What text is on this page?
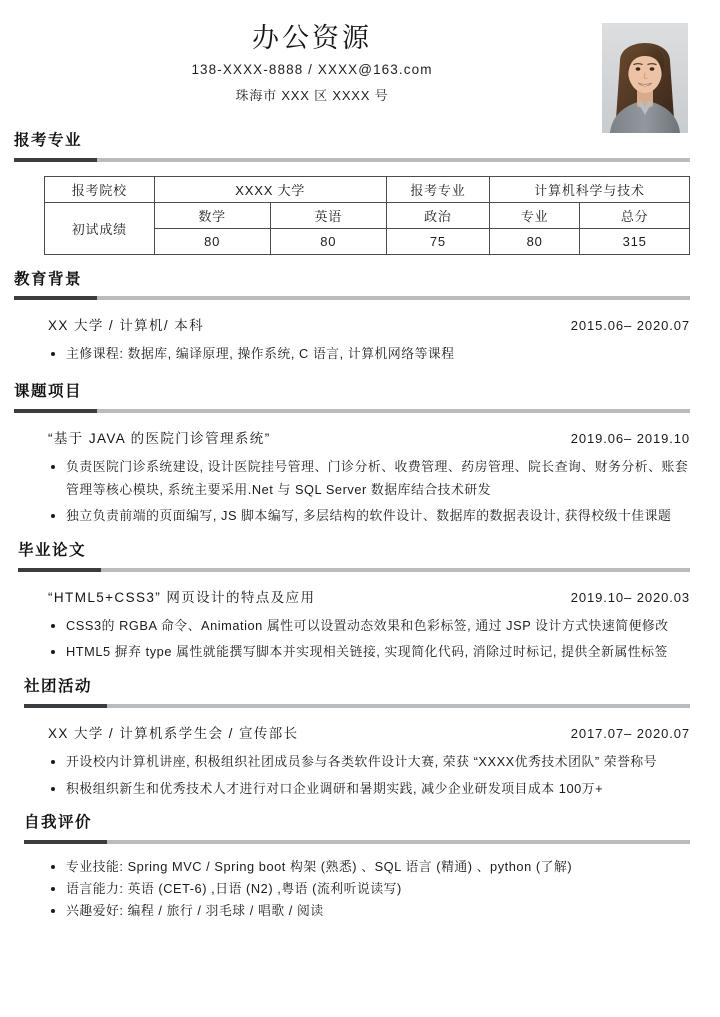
办公资源

138-XXXX-8888 / XXXX@163.com

珠海市 XXX 区 XXXX 号

报考专业
报考院校	XXXX 大学		报考专业	计算机科学与技术	
初试成绩	数学	英语	政治	专业	总分
	80	80	75	80	315
教育背景
XX 大学 / 计算机/ 本科	2015.06– 2020.07
主修课程: 数据库, 编译原理, 操作系统, C 语言, 计算机网络等课程
课题项目
“基于 JAVA 的医院门诊管理系统”	2019.06– 2019.10
负责医院门诊系统建设, 设计医院挂号管理、门诊分析、收费管理、药房管理、院长查询、财务分析、账套管理等核心模块, 系统主要采用.Net 与 SQL Server 数据库结合技术研发
独立负责前端的页面编写, JS 脚本编写, 多层结构的软件设计、数据库的数据表设计, 获得校级十佳课题
毕业论文
“HTML5+CSS3” 网页设计的特点及应用	2019.10– 2020.03
CSS3的 RGBA 命令、Animation 属性可以设置动态效果和色彩标签, 通过 JSP 设计方式快速简便修改
HTML5 摒弃 type 属性就能撰写脚本并实现相关链接, 实现简化代码, 消除过时标记, 提供全新属性标签
社团活动
XX 大学 / 计算机系学生会 / 宣传部长	2017.07– 2020.07
开设校内计算机讲座, 积极组织社团成员参与各类软件设计大赛, 荣获 “XXXX优秀技术团队” 荣誉称号
积极组织新生和优秀技术人才进行对口企业调研和暑期实践, 减少企业研发项目成本 100万+
自我评价
专业技能: Spring MVC / Spring boot 构架 (熟悉) 、SQL 语言 (精通) 、python (了解)
语言能力: 英语 (CET-6) ,日语 (N2) ,粤语 (流利听说读写)
兴趣爱好: 编程 / 旅行 / 羽毛球 / 唱歌 / 阅读
